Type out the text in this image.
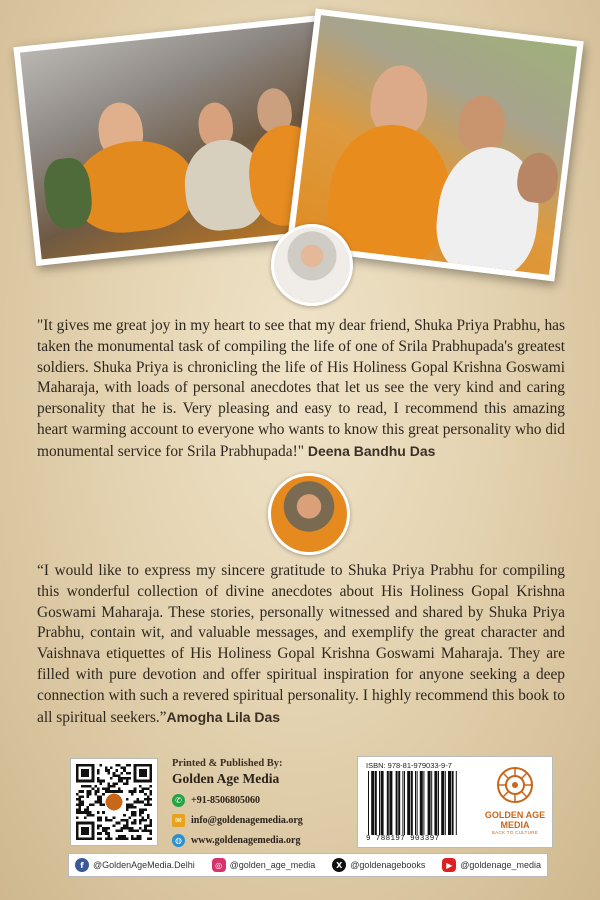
"It gives me great joy in my heart to see that my dear friend, Shuka Priya Prabhu, has taken the monumental task of compiling the life of one of Srila Prabhupada's greatest soldiers. Shuka Priya is chronicling the life of His Holiness Gopal Krishna Goswami Maharaja, with loads of personal anecdotes that let us see the very kind and caring personality that he is. Very pleasing and easy to read, I recommend this amazing heart warming account to everyone who wants to know this great personality who did monumental service for Srila Prabhupada!" Deena Bandhu Das

“I would like to express my sincere gratitude to Shuka Priya Prabhu for compiling this wonderful collection of divine anecdotes about His Holiness Gopal Krishna Goswami Maharaja. These stories, personally witnessed and shared by Shuka Priya Prabhu, contain wit, and valuable messages, and exemplify the great character and Vaishnava etiquettes of His Holiness Gopal Krishna Goswami Maharaja. They are filled with pure devotion and offer spiritual inspiration for anyone seeking a deep connection with such a revered spiritual personality. I highly recommend this book to all spiritual seekers.”Amogha Lila Das

Printed & Published By:
Golden Age Media
✆ +91-8506805060
✉ info@goldenagemedia.org
◍ www.goldenagemedia.org
ISBN: 978-81-979033-9-7
9 788197 903397
GOLDEN AGE
MEDIA
BACK TO CULTURE
f	@GoldenAgeMedia.Delhi	◎ @golden_age_media	X @goldenagebooks	▶ @goldenage_media
